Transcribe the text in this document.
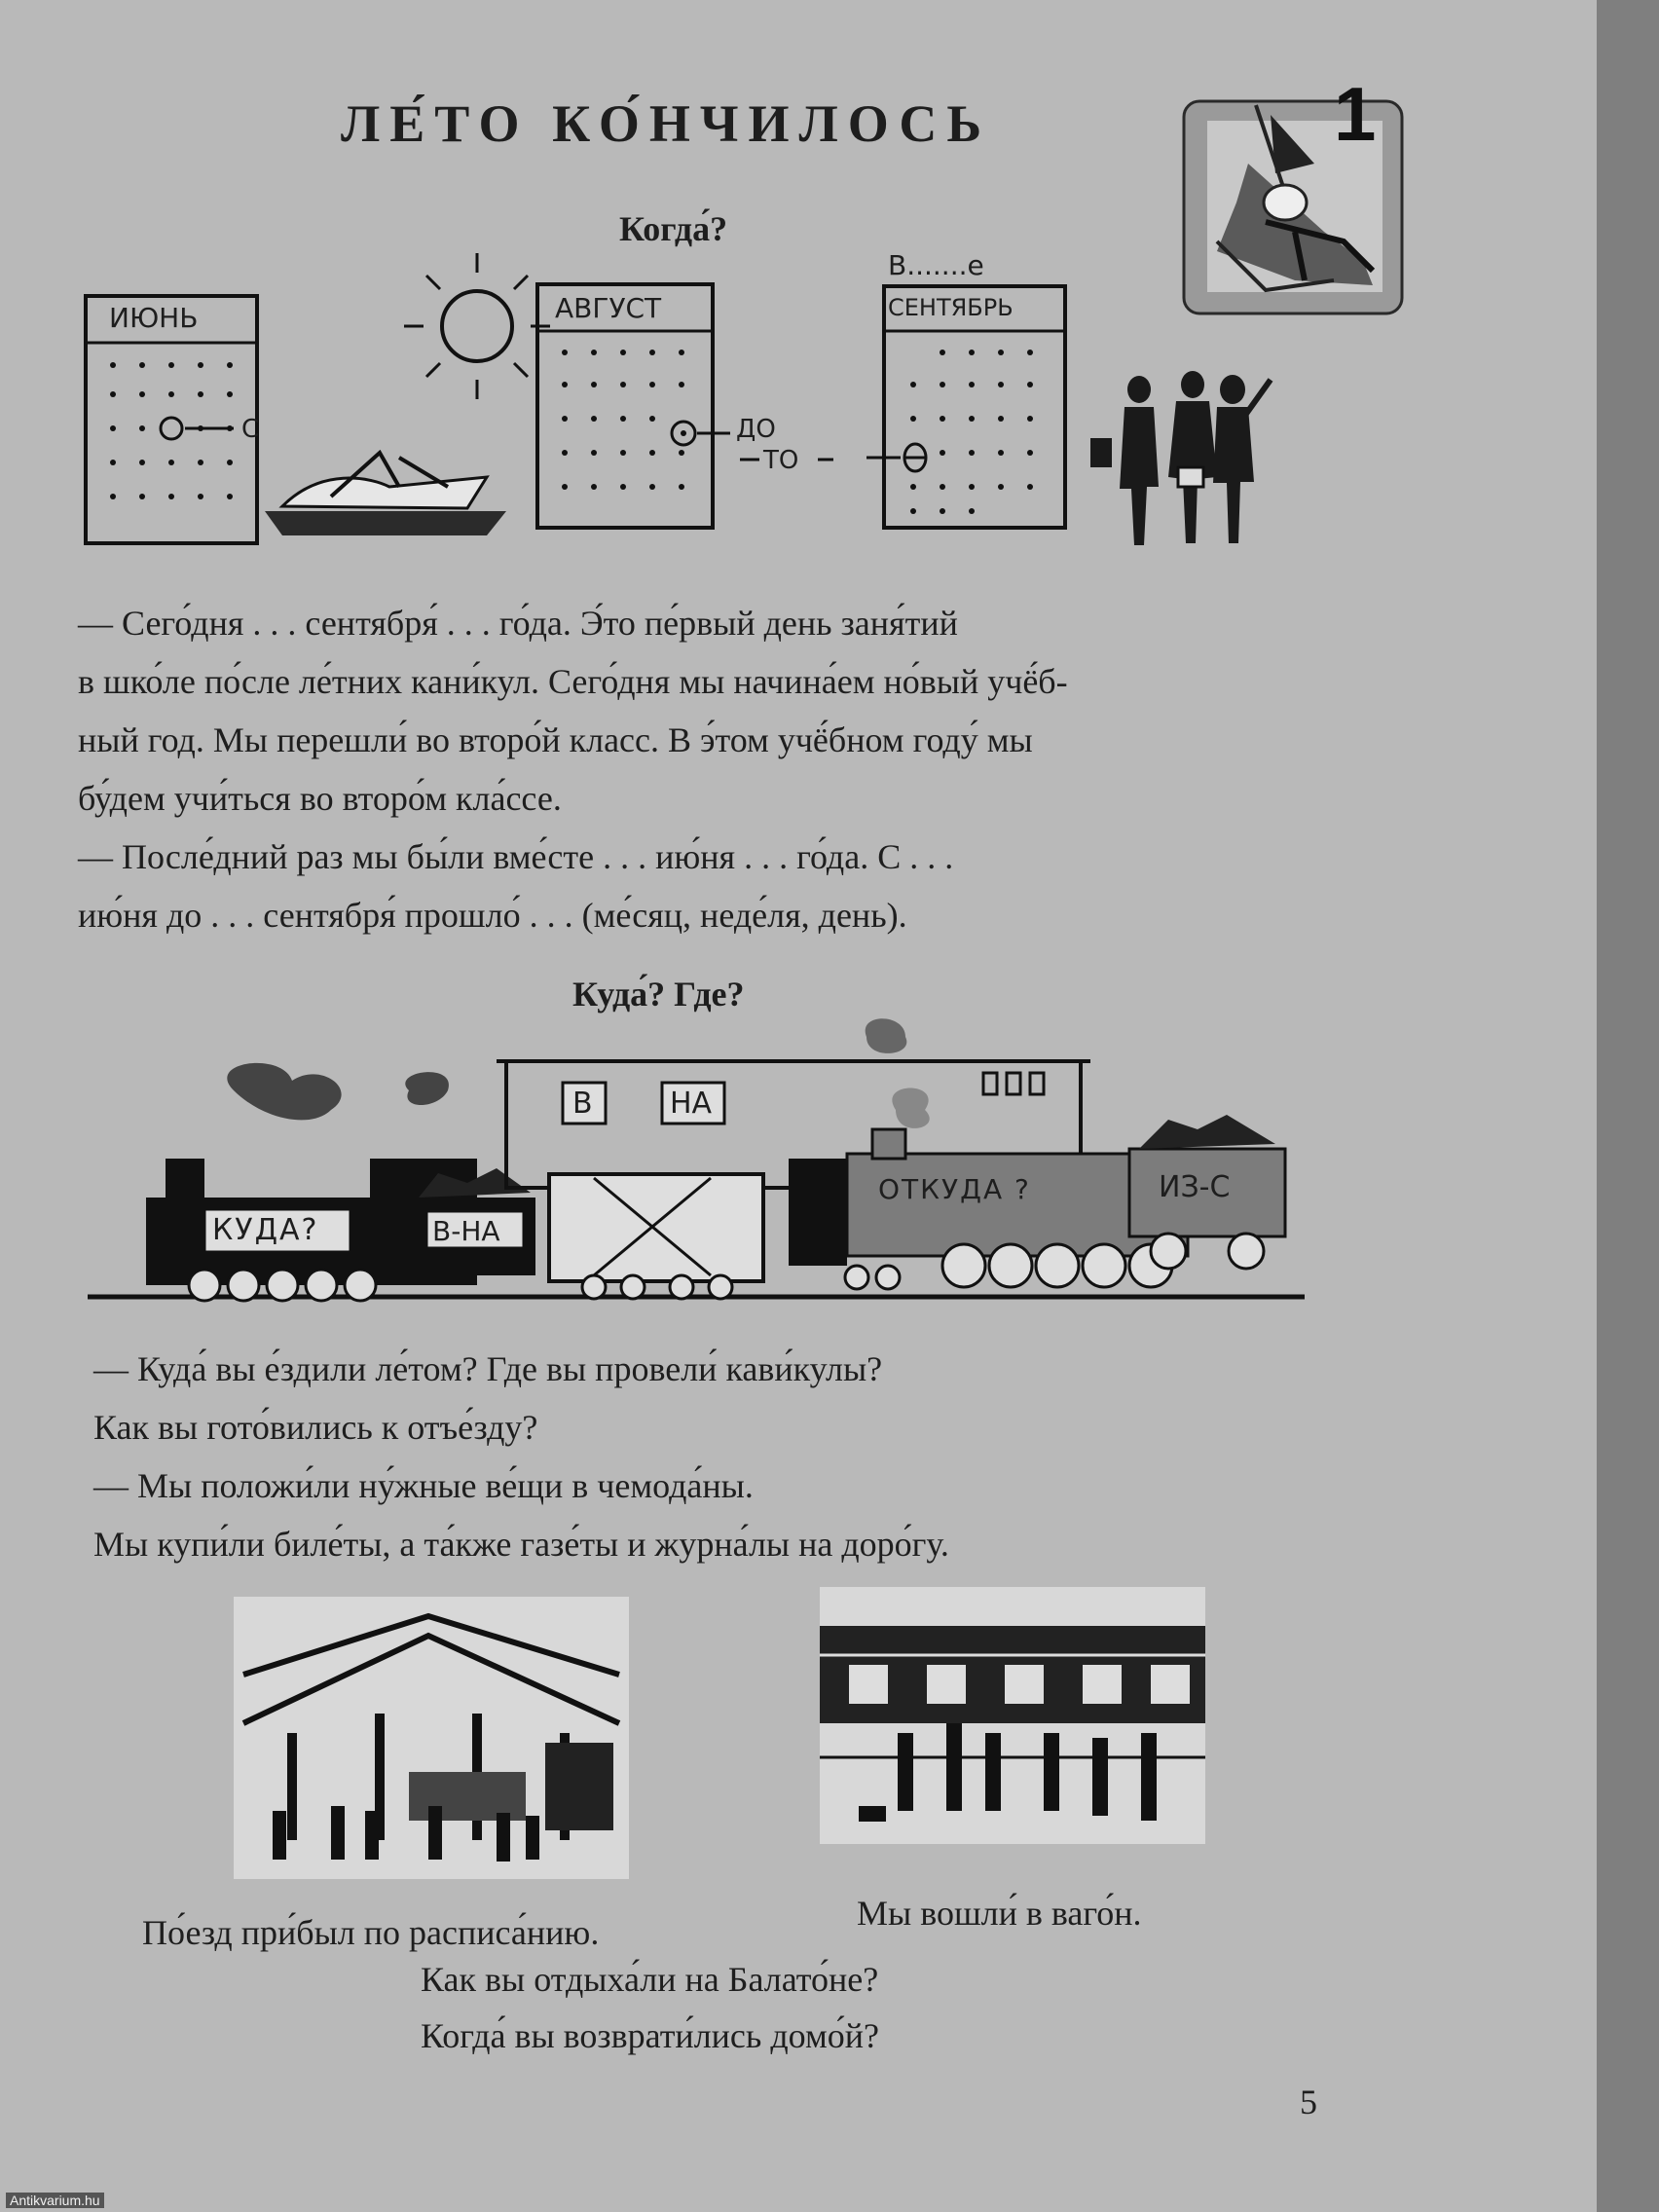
ЛЕ́ТО КО́НЧИЛОСЬ	1
Когда́?
ИЮНЬ	АВГУСТ	СЕНТЯБРЬ
В.......е
С	ДО
ТО
— Сего́дня . . . сентября́ . . . го́да. Э́то пе́рвый день заня́тий
в шко́ле по́сле ле́тних кани́кул. Сего́дня мы начина́ем но́вый учё́б-
ный год. Мы перешли́ во второ́й класс. В э́том учё́бном году́ мы
бу́дем учи́ться во второ́м кла́ссе.
— После́дний раз мы бы́ли вме́сте . . . ию́ня . . . го́да. С . . .
ию́ня до . . . сентября́ прошло́ . . . (ме́сяц, неде́ля, день).
Куда́? Где?
КУДА?	В-НА
В	НА
ОТКУДА ?	ИЗ-С
— Куда́ вы е́здили ле́том? Где вы провели́ кави́кулы?
Как вы гото́вились к отъе́зду?
— Мы положи́ли ну́жные ве́щи в чемода́ны.
Мы купи́ли биле́ты, а та́кже газе́ты и журна́лы на доро́гу.
По́езд при́был по расписа́нию.	Мы вошли́ в ваго́н.
Как вы отдыха́ли на Балато́не?
Когда́ вы возврати́лись домо́й?
5
Antikvarium.hu
